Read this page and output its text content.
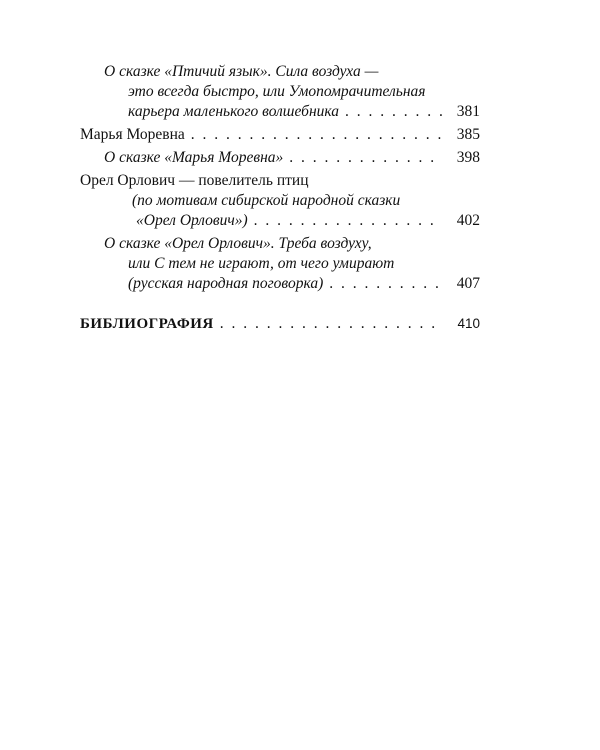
О сказке «Птичий язык». Сила воздуха —
это всегда быстро, или Умопомрачительная
карьера маленького волшебника . . .	381
Марья Моревна . . .	385
О сказке «Марья Моревна» . . .	398
Орел Орлович — повелитель птиц
(по мотивам сибирской народной сказки
«Орел Орлович») . . .	402
О сказке «Орел Орлович». Треба воздуху,
или С тем не играют, от чего умирают
(русская народная поговорка) . . .	407
БИБЛИОГРАФИЯ . . .	410
